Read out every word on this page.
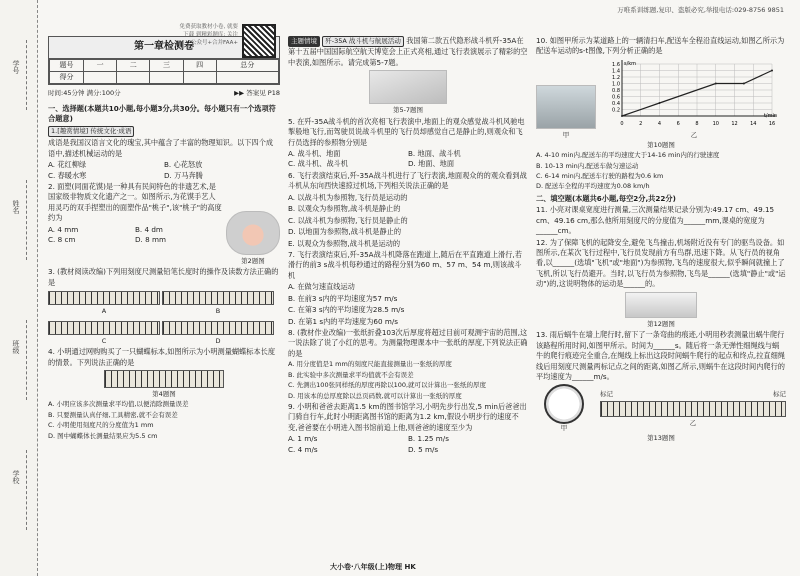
学号
姓名
班级
学校
万唯系训练题,复印、盗版必究,举报电话:029-8756 9851
免费获取教材小卷, 就要下载 到精彩题库: 关注公众号+合并FAA+
第一章检测卷
题号	一	二	三	四	总分
得分					
时间:45分钟 满分:100分	▶▶ 答案见 P18

一、选择题(本题共10小题,每小题3分,共30分。每小题只有一个选项符合题意)

1.[趣赏情境] 传统文化·成语

成语是我国汉语言文化的瑰宝,其中蕴含了丰富的物理知识。以下四个成语中,描述机械运动的是

A. 花红柳绿	B. 心花怒放
C. 春暖水寒	D. 万马奔腾

2. 面塑(同面花馍)是一种具有民间特色的非遗艺术,是国家级非物质文化遗产之一。如图所示,为花馍手艺人用灵巧的双手捏塑出的面塑作品"桃子",该"桃子"的高度约为

A. 4 mm	B. 4 dm
C. 8 cm	D. 8 mm
第2题图

3. (教材阅读改编)下列用刻度尺测量铅笔长度时的操作及读数方法正确的是

A	B
C	D

4. 小明通过网购购买了一只蝴蝶标本,如图所示为小明测量蝴蝶标本长度的情景。下列说法正确的是

第4题图

A. 小明应该多次测量求平均值,以便消除测量误差

B. 只要测量认真仔细,工具精密,就不会有误差

C. 小明使用刻度尺的分度值为1 mm

D. 图中蝴蝶体长测量结果应为5.5 cm

主题情境 歼-35A 战斗机与航展活动 我国第二款五代隐形战斗机歼-35A在第十五届中国国际航空航天博览会上正式亮相,通过飞行表演展示了精彩的空中表演,如图所示。请完成第5-7题。

第5-7题图

5. 在歼-35A战斗机的首次亮相飞行表演中,地面上的观众感觉战斗机风驰电掣般地飞行,而驾驶员说战斗机里的飞行员却感觉自己是静止的,则观众和飞行员选择的参照物分别是

A. 战斗机、地面	B. 地面、战斗机
C. 战斗机、战斗机	D. 地面、地面

6. 飞行表演结束后,歼-35A战斗机进行了飞行表演,地面观众的的观众看到战斗机从东向西快速掠过机场,下列相关说法正确的是

A. 以战斗机为参照物,飞行员是运动的

B. 以观众为参照物,战斗机是静止的

C. 以战斗机为参照物,飞行员是静止的

D. 以地面为参照物,战斗机是静止的

E. 以观众为参照物,战斗机是运动的

7. 飞行表演结束后,歼-35A战斗机降落在跑道上,随后在平直跑道上滑行,若滑行的前3 s战斗机每秒通过的路程分别为60 m、57 m、54 m,则该战斗机

A. 在做匀速直线运动

B. 在前3 s内的平均速度为57 m/s

C. 在第3 s内的平均速度为28.5 m/s

D. 在第1 s内的平均速度为60 m/s

8. (教材作业改编)一张纸折叠103次后厚度将超过目前可观测宇宙的范围,这一说法除了说了小红的思考。为测量物理课本中一张纸的厚度,下列说法正确的是

A. 用分度值是1 mm的刻度尺能直接测量出一张纸的厚度

B. 此实验中多次测量求平均值就不会有误差

C. 先测出100张同样纸的厚度再除以100,就可以计算出一张纸的厚度

D. 用该本的总厚度除以总页码数,就可以计算出一张纸的厚度

9. 小明和爸爸去距离1.5 km的图书馆学习,小明先步行出发,5 min后爸爸出门骑自行车,此时小明距离图书馆的距离为1.2 km,假设小明步行的速度不变,爸爸要在小明进入图书馆前追上他,则爸爸的速度至少为

A. 1 m/s	B. 1.25 m/s
C. 4 m/s	D. 5 m/s

10. 如图甲所示为某道路上的一辆清扫车,配送车全程沿直线运动,如图乙所示为配送车运动的s-t图像,下列分析正确的是

甲
0	2	4	6	8	10 12 14 16
0.2
0.4
0.6
0.8
1.0
1.2
1.4
1.6
t/min
s/km
乙
第10题图

A. 4-10 min内,配送车的平均速度大于14-16 min内的行驶速度

B. 10-13 min内,配送车做匀速运动

C. 6-14 min内,配送车行驶的路程为0.6 km

D. 配送车全程的平均速度为0.08 km/h

二、填空题(本题共6小题,每空2分,共22分)

11. 小亮对课桌宽度进行测量,三次测量结果记录分别为:49.17 cm、49.15 cm、49.16 cm,那么他所用刻度尺的分度值为______mm,课桌的宽度为______cm。

12. 为了保障飞机的起降安全,避免飞鸟撞击,机场附近没有专门的驱鸟设备。如图所示,在某次飞行过程中,飞行员发现前方有鸟群,迅速下降。从飞行员的视角看,以______(选填"飞机"或"地面")为参照物,飞鸟的速度很大,似乎瞬间就撞上了飞机,所以飞行员避开。当时,以飞行员为参照物,飞鸟是______(选填"静止"或"运动")的,这说明物体的运动是______的。

第12题图

13. 雨后蜗牛在墙上爬行时,留下了一条弯曲的痕迹,小明用秒表测量出蜗牛爬行该路程所用时间,如图甲所示。时间为______s。随后将一条无弹性细绳线与蜗牛的爬行痕迹完全重合,在绳线上标出这段时间蜗牛爬行的起点和终点,拉直细绳线后用刻度尺测量两标记点之间的距离,如图乙所示,则蜗牛在这段时间内爬行的平均速度为______m/s。

甲
标记	标记
乙
第13题图
大小卷·八年级(上)物理 HK
